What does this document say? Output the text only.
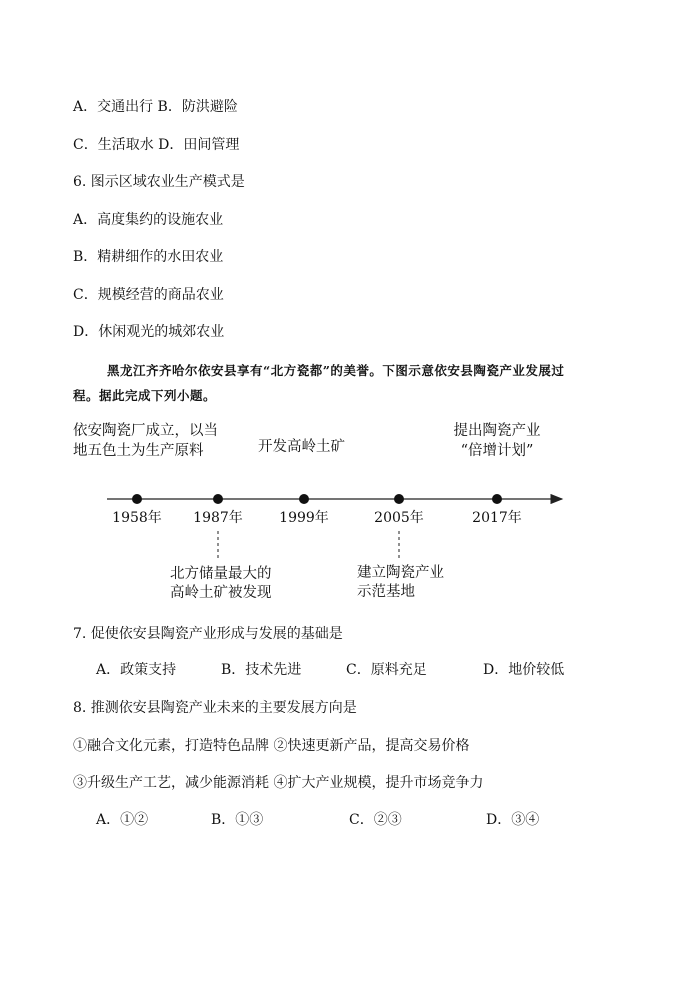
A．交通出行 B．防洪避险
C．生活取水 D．田间管理
6. 图示区域农业生产模式是
A．高度集约的设施农业
B．精耕细作的水田农业
C．规模经营的商品农业
D．休闲观光的城郊农业
黑龙江齐齐哈尔依安县享有“北方瓷都”的美誉。下图示意依安县陶瓷产业发展过
程。据此完成下列小题。
1958年
依安陶瓷厂成立，以当
地五色土为生产原料
1987年
北方储量最大的
高岭土矿被发现
1999年
开发高岭土矿
2005年
建立陶瓷产业
示范基地
2017年
提出陶瓷产业
“倍增计划”
7. 促使依安县陶瓷产业形成与发展的基础是
A．政策支持	B．技术先进	C．原料充足	D．地价较低
8. 推测依安县陶瓷产业未来的主要发展方向是
①融合文化元素，打造特色品牌 ②快速更新产品，提高交易价格
③升级生产工艺，减少能源消耗 ④扩大产业规模，提升市场竞争力
A．①②	B．①③	C．②③	D．③④
